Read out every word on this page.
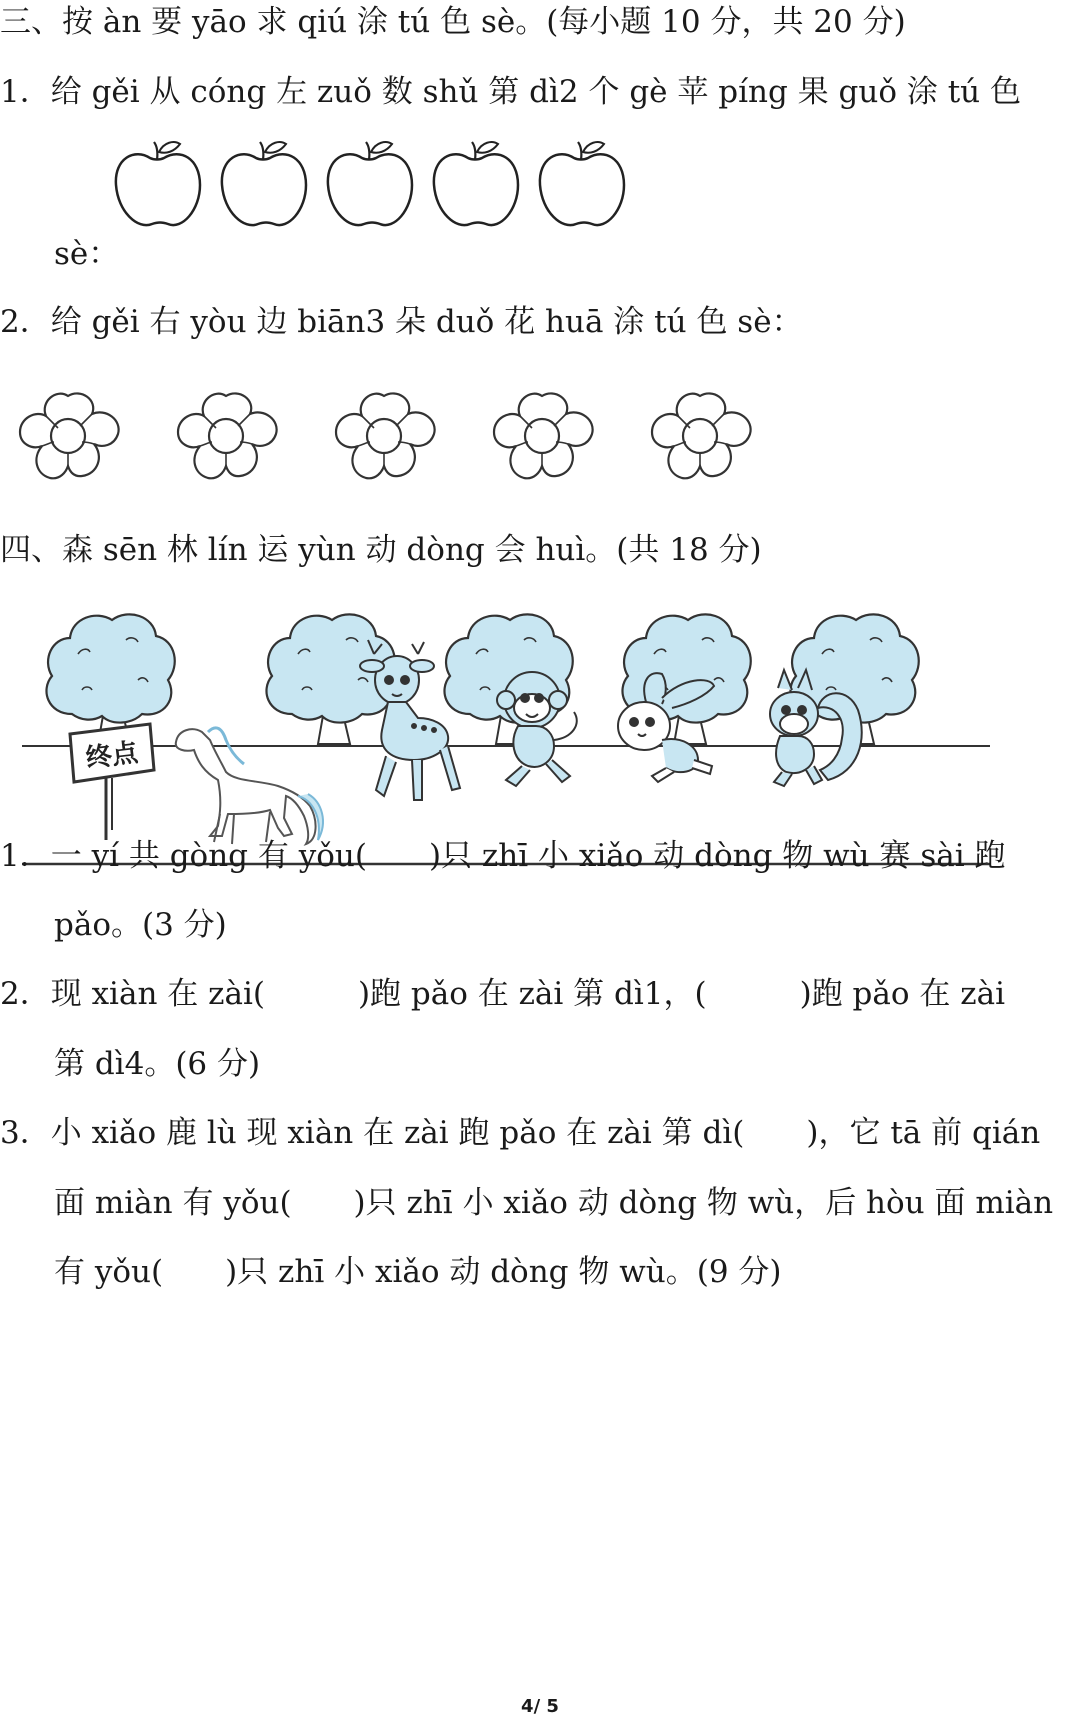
三、按 àn 要 yāo 求 qiú 涂 tú 色 sè。(每小题 10 分，共 20 分)
1．给 gěi 从 cóng 左 zuǒ 数 shǔ 第 dì2 个 gè 苹 píng 果 guǒ 涂 tú 色
sè：
2．给 gěi 右 yòu 边 biān3 朵 duǒ 花 huā 涂 tú 色 sè：
四、森 sēn 林 lín 运 yùn 动 dòng 会 huì。(共 18 分)
终点
1．一 yí 共 gòng 有 yǒu(　　)只 zhī 小 xiǎo 动 dòng 物 wù 赛 sài 跑
pǎo。(3 分)
2．现 xiàn 在 zài(　　　)跑 pǎo 在 zài 第 dì1，(　　　)跑 pǎo 在 zài
第 dì4。(6 分)
3．小 xiǎo 鹿 lù 现 xiàn 在 zài 跑 pǎo 在 zài 第 dì(　　)，它 tā 前 qián
面 miàn 有 yǒu(　　)只 zhī 小 xiǎo 动 dòng 物 wù，后 hòu 面 miàn
有 yǒu(　　)只 zhī 小 xiǎo 动 dòng 物 wù。(9 分)
4/ 5
